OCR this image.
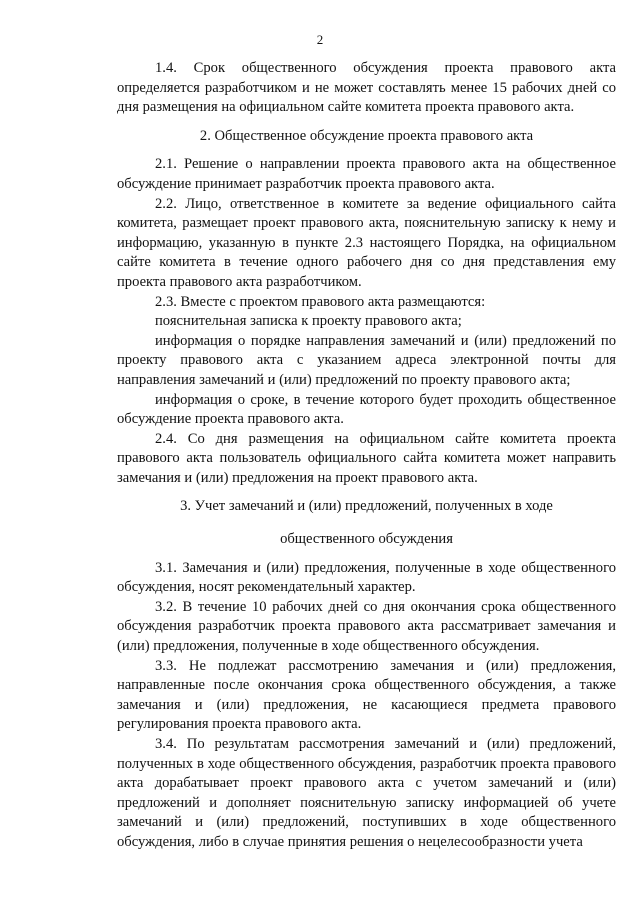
2

1.4. Срок общественного обсуждения проекта правового акта определяется разработчиком и не может составлять менее 15 рабочих дней со дня размещения на официальном сайте комитета проекта правового акта.

2. Общественное обсуждение проекта правового акта

2.1. Решение о направлении проекта правового акта на общественное обсуждение принимает разработчик проекта правового акта.

2.2. Лицо, ответственное в комитете за ведение официального сайта комитета, размещает проект правового акта, пояснительную записку к нему и информацию, указанную в пункте 2.3 настоящего Порядка, на официальном сайте комитета в течение одного рабочего дня со дня представления ему проекта правового акта разработчиком.

2.3. Вместе с проектом правового акта размещаются:

пояснительная записка к проекту правового акта;

информация о порядке направления замечаний и (или) предложений по проекту правового акта с указанием адреса электронной почты для направления замечаний и (или) предложений по проекту правового акта;

информация о сроке, в течение которого будет проходить общественное обсуждение проекта правового акта.

2.4. Со дня размещения на официальном сайте комитета проекта правового акта пользователь официального сайта комитета может направить замечания и (или) предложения на проект правового акта.

3. Учет замечаний и (или) предложений, полученных в ходе
общественного обсуждения

3.1. Замечания и (или) предложения, полученные в ходе общественного обсуждения, носят рекомендательный характер.

3.2. В течение 10 рабочих дней со дня окончания срока общественного обсуждения разработчик проекта правового акта рассматривает замечания и (или) предложения, полученные в ходе общественного обсуждения.

3.3. Не подлежат рассмотрению замечания и (или) предложения, направленные после окончания срока общественного обсуждения, а также замечания и (или) предложения, не касающиеся предмета правового регулирования проекта правового акта.

3.4. По результатам рассмотрения замечаний и (или) предложений, полученных в ходе общественного обсуждения, разработчик проекта правового акта дорабатывает проект правового акта с учетом замечаний и (или) предложений и дополняет пояснительную записку информацией об учете замечаний и (или) предложений, поступивших в ходе общественного обсуждения, либо в случае принятия решения о нецелесообразности учета
